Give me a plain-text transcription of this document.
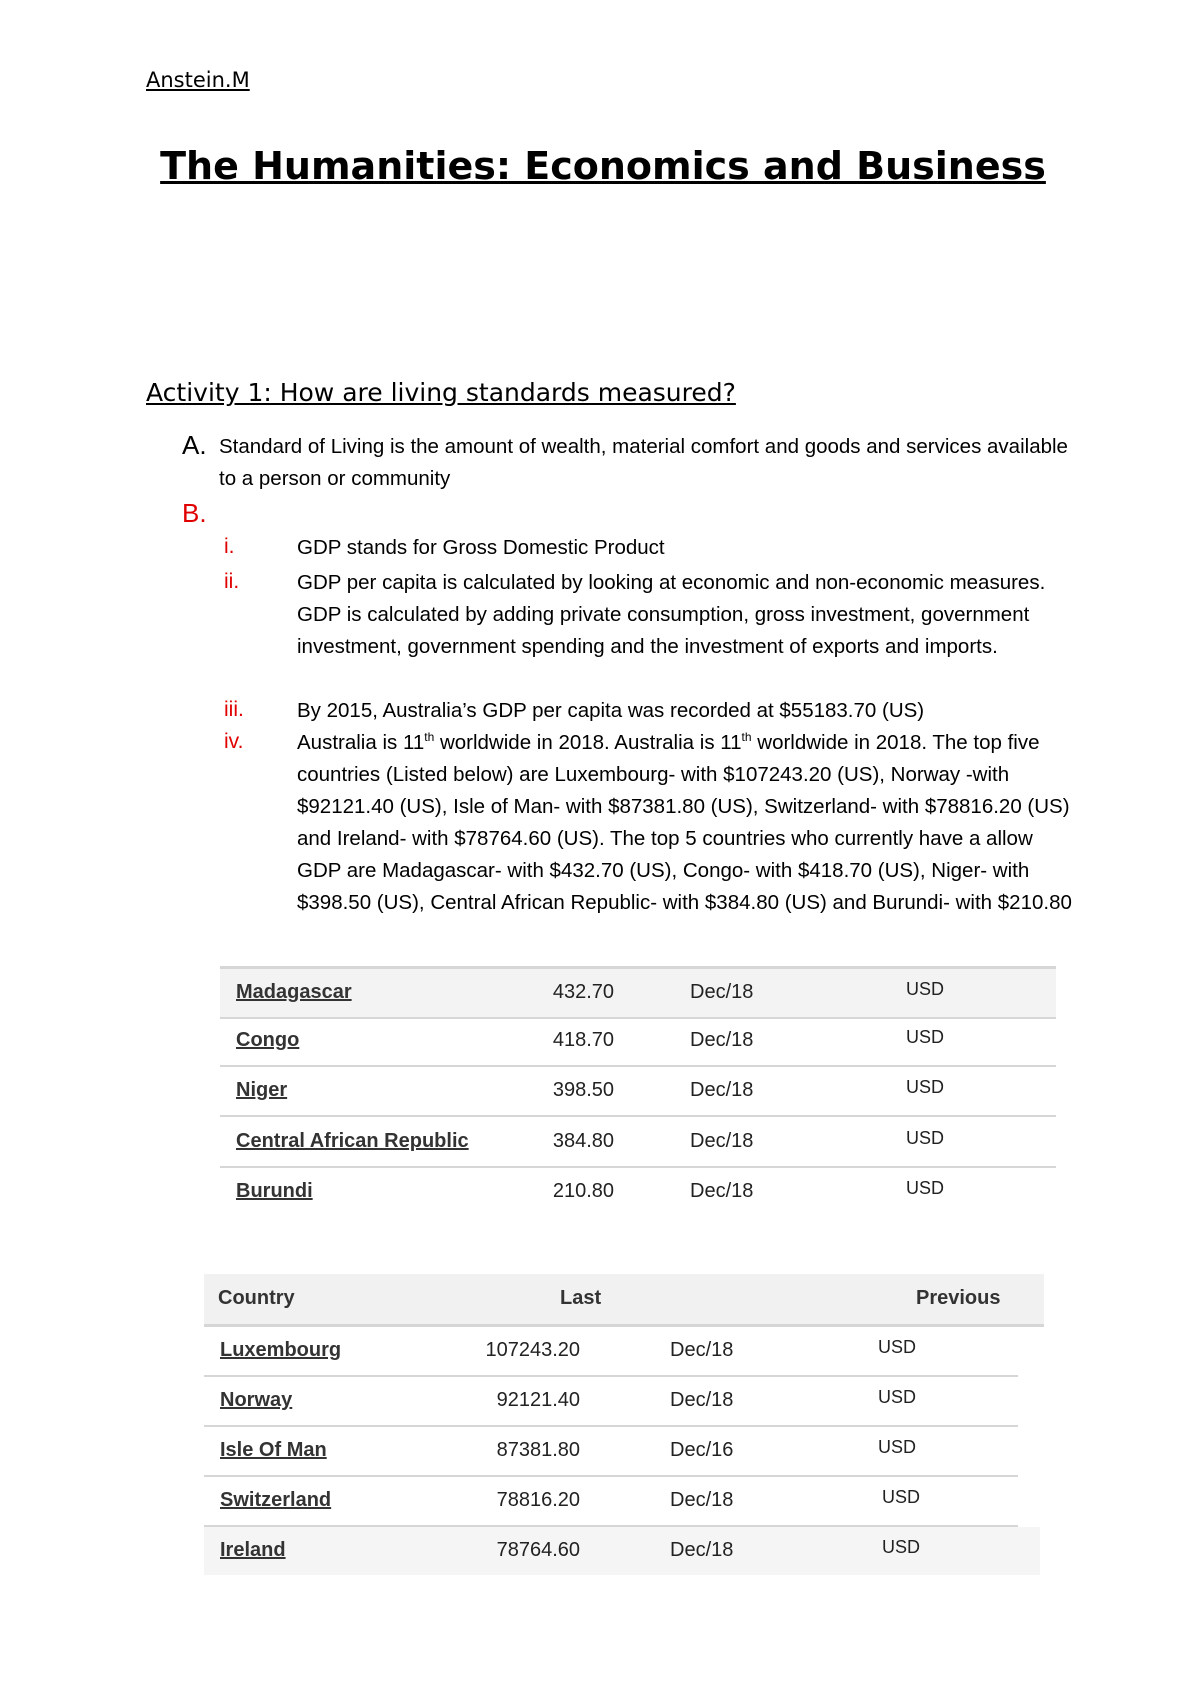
Anstein.M
The Humanities: Economics and Business
Activity 1: How are living standards measured?
A. Standard of Living is the amount of wealth, material comfort and goods and services available to a person or community
B.
i.	GDP stands for Gross Domestic Product
ii.	GDP per capita is calculated by looking at economic and non-economic measures. GDP is calculated by adding private consumption, gross investment, government investment, government spending and the investment of exports and imports.
iii.	By 2015, Australia’s GDP per capita was recorded at $55183.70 (US)
iv.	Australia is 11th worldwide in 2018. Australia is 11th worldwide in 2018. The top five countries (Listed below) are Luxembourg- with $107243.20 (US), Norway -with $92121.40 (US), Isle of Man- with $87381.80 (US), Switzerland- with $78816.20 (US) and Ireland- with $78764.60 (US). The top 5 countries who currently have a allow GDP are Madagascar- with $432.70 (US), Congo- with $418.70 (US), Niger- with $398.50 (US), Central African Republic- with $384.80 (US) and Burundi- with $210.80
Madagascar	432.70	Dec/18	USD
Congo	418.70	Dec/18	USD
Niger	398.50	Dec/18	USD
Central African Republic	384.80	Dec/18	USD
Burundi	210.80	Dec/18	USD
Country	Last	Previous
Luxembourg	107243.20	Dec/18	USD
Norway	92121.40	Dec/18	USD
Isle Of Man	87381.80	Dec/16	USD
Switzerland	78816.20	Dec/18	USD
Ireland	78764.60	Dec/18	USD
